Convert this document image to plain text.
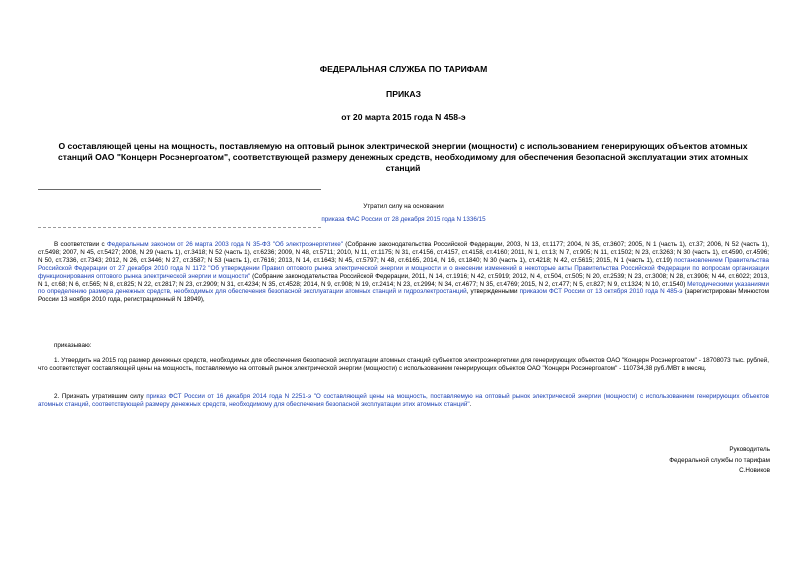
ФЕДЕРАЛЬНАЯ СЛУЖБА ПО ТАРИФАМ
ПРИКАЗ
от 20 марта 2015 года N 458-э
О составляющей цены на мощность, поставляемую на оптовый рынок электрической энергии (мощности) с использованием генерирующих объектов атомных станций ОАО "Концерн Росэнергоатом", соответствующей размеру денежных средств, необходимому для обеспечения безопасной эксплуатации этих атомных станций
Утратил силу на основании
приказа ФАС России от 28 декабря 2015 года N 1336/15
В соответствии с Федеральным законом от 26 марта 2003 года N 35-ФЗ "Об электроэнергетике" (Собрание законодательства Российской Федерации, 2003, N 13, ст.1177; 2004, N 35, ст.3607; 2005, N 1 (часть 1), ст.37; 2006, N 52 (часть 1), ст.5498; 2007, N 45, ст.5427; 2008, N 29 (часть 1), ст.3418; N 52 (часть 1), ст.6236; 2009, N 48, ст.5711; 2010, N 11, ст.1175; N 31, ст.4156, ст.4157, ст.4158, ст.4160; 2011, N 1, ст.13; N 7, ст.905; N 11, ст.1502; N 23, ст.3263; N 30 (часть 1), ст.4590, ст.4596; N 50, ст.7336, ст.7343; 2012, N 26, ст.3446; N 27, ст.3587; N 53 (часть 1), ст.7616; 2013, N 14, ст.1643; N 45, ст.5797; N 48, ст.6165, 2014, N 16, ст.1840; N 30 (часть 1), ст.4218; N 42, ст.5615; 2015, N 1 (часть 1), ст.19) постановлением Правительства Российской Федерации от 27 декабря 2010 года N 1172 "Об утверждении Правил оптового рынка электрической энергии и мощности и о внесении изменений в некоторые акты Правительства Российской Федерации по вопросам организации функционирования оптового рынка электрической энергии и мощности" (Собрание законодательства Российской Федерации, 2011, N 14, ст.1916; N 42, ст.5919; 2012, N 4, ст.504, ст.505; N 20, ст.2539; N 23, ст.3008; N 28, ст.3906; N 44, ст.6022; 2013, N 1, ст.68; N 6, ст.565; N 8, ст.825; N 22, ст.2817; N 23, ст.2909; N 31, ст.4234; N 35, ст.4528; 2014, N 9, ст.908; N 19, ст.2414; N 23, ст.2994; N 34, ст.4677; N 35, ст.4769; 2015, N 2, ст.477; N 5, ст.827; N 9, ст.1324; N 10, ст.1540) Методическими указаниями по определению размера денежных средств, необходимых для обеспечения безопасной эксплуатации атомных станций и гидроэлектростанций, утвержденными приказом ФСТ России от 13 октября 2010 года N 485-э (зарегистрирован Минюстом России 13 ноября 2010 года, регистрационный N 18949),
приказываю:
1. Утвердить на 2015 год размер денежных средств, необходимых для обеспечения безопасной эксплуатации атомных станций субъектов электроэнергетики для генерирующих объектов ОАО "Концерн Росэнергоатом" - 18708073 тыс. рублей, что соответствует составляющей цены на мощность, поставляемую на оптовый рынок электрической энергии (мощности) с использованием генерирующих объектов ОАО "Концерн Росэнергоатом" - 110734,38 руб./МВт в месяц.
2. Признать утратившим силу приказ ФСТ России от 16 декабря 2014 года N 2251-э "О составляющей цены на мощность, поставляемую на оптовый рынок электрической энергии (мощности) с использованием генерирующих объектов атомных станций, соответствующей размеру денежных средств, необходимому для обеспечения безопасной эксплуатации этих атомных станций".
Руководитель
Федеральной службы по тарифам
С.Новиков
